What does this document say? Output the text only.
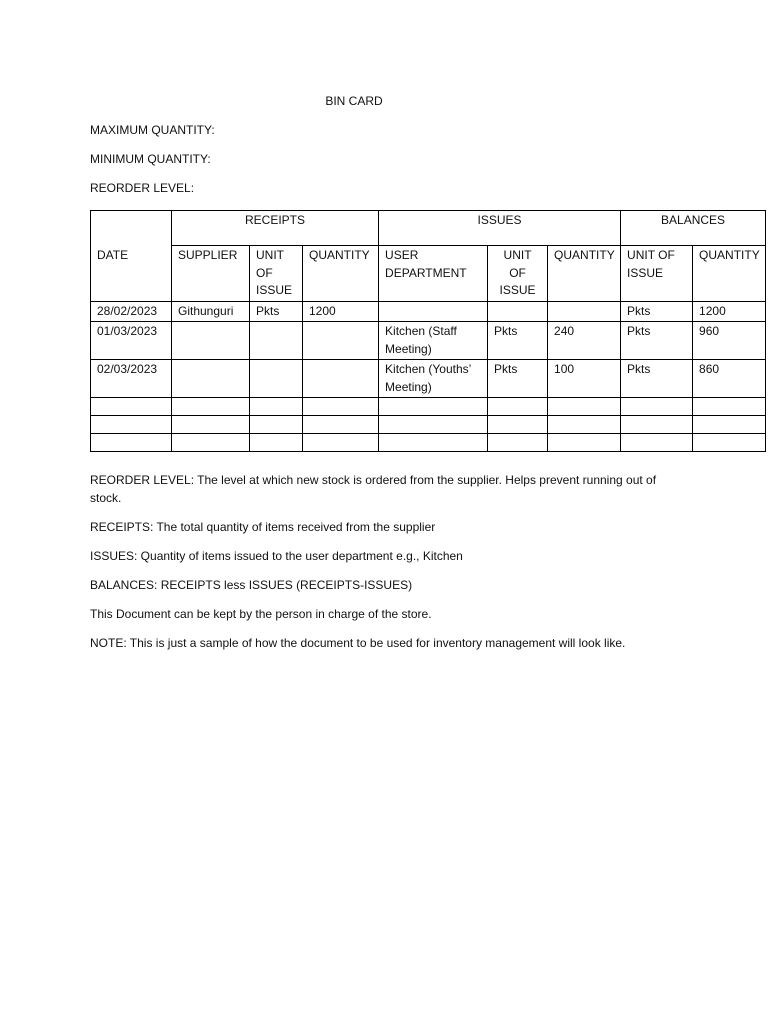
BIN CARD
MAXIMUM QUANTITY:
MINIMUM QUANTITY:
REORDER LEVEL:
DATE	RECEIPTS			ISSUES			BALANCES	
	SUPPLIER	UNIT OF ISSUE	QUANTITY	USER DEPARTMENT	UNIT OF ISSUE	QUANTITY	UNIT OF ISSUE	QUANTITY
28/02/2023	Githunguri	Pkts	1200				Pkts	1200
01/03/2023				Kitchen (Staff Meeting)	Pkts	240	Pkts	960
02/03/2023				Kitchen (Youths’ Meeting)	Pkts	100	Pkts	860

REORDER LEVEL: The level at which new stock is ordered from the supplier. Helps prevent running out of stock.

RECEIPTS: The total quantity of items received from the supplier

ISSUES: Quantity of items issued to the user department e.g., Kitchen

BALANCES: RECEIPTS less ISSUES (RECEIPTS-ISSUES)

This Document can be kept by the person in charge of the store.

NOTE: This is just a sample of how the document to be used for inventory management will look like.
